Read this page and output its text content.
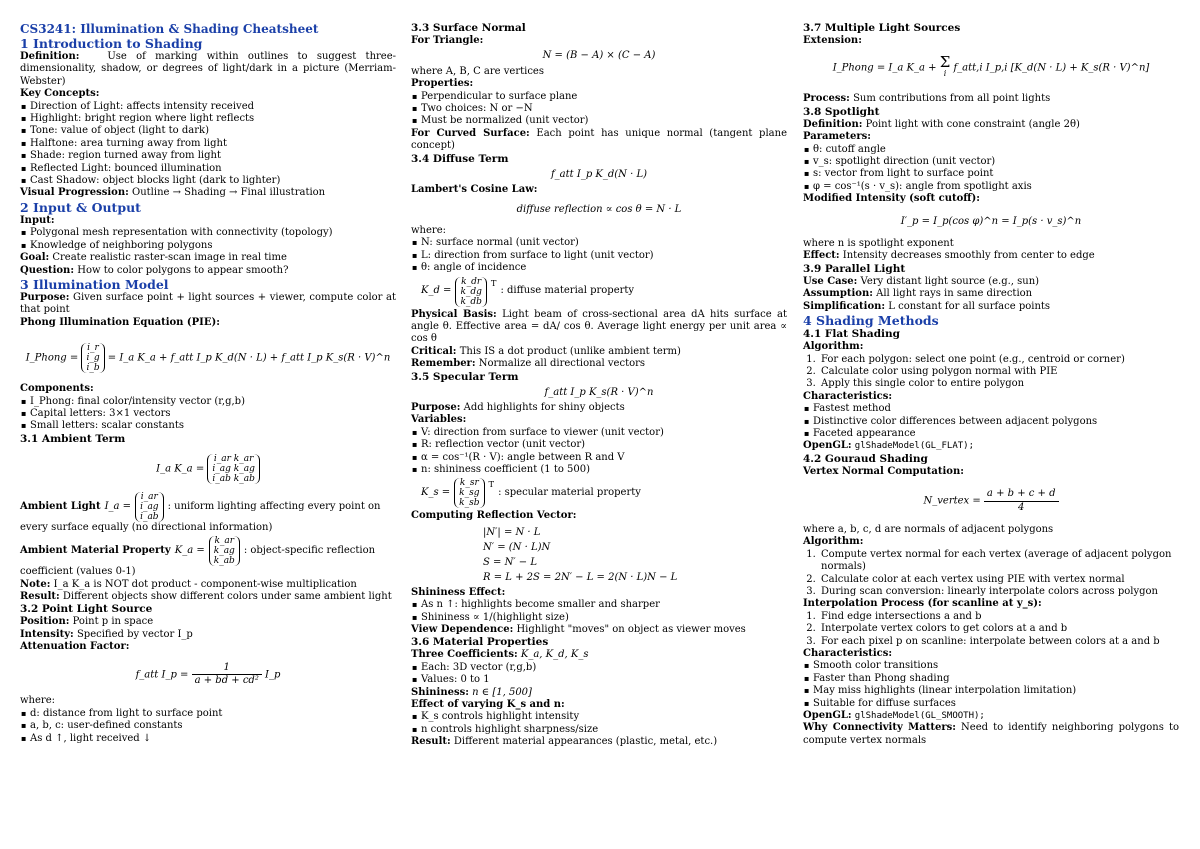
CS3241: Illumination & Shading Cheatsheet
1 Introduction to Shading

Definition:	Use of marking within outlines to suggest three-dimensionality, shadow, or degrees of light/dark in a picture (Merriam-Webster)

Key Concepts:
▪ Direction of Light: affects intensity received
▪ Highlight: bright region where light reflects
▪ Tone: value of object (light to dark)
▪ Halftone: area turning away from light
▪ Shade: region turned away from light
▪ Reflected Light: bounced illumination
▪ Cast Shadow: object blocks light (dark to lighter)

Visual Progression: Outline → Shading → Final illustration

2 Input & Output
Input:
▪ Polygonal mesh representation with connectivity (topology)
▪ Knowledge of neighboring polygons

Goal: Create realistic raster-scan image in real time

Question: How to color polygons to appear smooth?

3 Illumination Model

Purpose: Given surface point + light sources + viewer, compute color at that point

Phong Illumination Equation (PIE):
I_Phong =
i_r
i_g
i_b
= I_a K_a + f_att I_p K_d(N · L) + f_att I_p K_s(R · V)^n
Components:
▪ I_Phong: final color/intensity vector (r,g,b)
▪ Capital letters: 3×1 vectors
▪ Small letters: scalar constants
3.1 Ambient Term
I_a K_a =
i_ar k_ar
i_ag k_ag
i_ab k_ab
Ambient Light I_a =
i_ar
i_ag
i_ab
: uniform lighting affecting every point on

every surface equally (no directional information)

Ambient Material Property K_a =
k_ar
k_ag
k_ab
: object-specific reflection

coefficient (values 0-1)

Note: I_a K_a is NOT dot product - component-wise multiplication

Result: Different objects show different colors under same ambient light

3.2 Point Light Source

Position: Point p in space

Intensity: Specified by vector I_p

Attenuation Factor:
f_att I_p = $\frac{1}{\text{a + bd + cd²}}$ I_p
where:
▪ d: distance from light to surface point
▪ a, b, c: user-defined constants
▪ As d ↑, light received ↓
3.3 Surface Normal
For Triangle:
N = (B − A) × (C − A)

where A, B, C are vertices

Properties:
▪ Perpendicular to surface plane
▪ Two choices: N or −N
▪ Must be normalized (unit vector)

For Curved Surface: Each point has unique normal (tangent plane concept)

3.4 Diffuse Term
f_att I_p K_d(N · L)
Lambert's Cosine Law:
diffuse reflection ∝ cos θ = N · L
where:
▪ N: surface normal (unit vector)
▪ L: direction from surface to light (unit vector)
▪ θ: angle of incidence
K_d =
k_dr
k_dg
k_db
$^T$
: diffuse material property

Physical Basis: Light beam of cross-sectional area dA hits surface at angle θ. Effective area = dA/ cos θ. Average light energy per unit area ∝ cos θ

Critical: This IS a dot product (unlike ambient term)

Remember: Normalize all directional vectors

3.5 Specular Term
f_att I_p K_s(R · V)^n

Purpose: Add highlights for shiny objects

Variables:
▪ V: direction from surface to viewer (unit vector)
▪ R: reflection vector (unit vector)
▪ α = cos⁻¹(R · V): angle between R and V
▪ n: shininess coefficient (1 to 500)
K_s =
k_sr
k_sg
k_sb
$^T$
: specular material property
Computing Reflection Vector:
|N′| = N · L
N′ = (N · L)N
S = N′ − L
R = L + 2S = 2N′ − L = 2(N · L)N − L
Shininess Effect:
▪ As n ↑: highlights become smaller and sharper
▪ Shininess ∝ 1/(highlight size)

View Dependence: Highlight "moves" on object as viewer moves

3.6 Material Properties

Three Coefficients: K_a, K_d, K_s

▪ Each: 3D vector (r,g,b)
▪ Values: 0 to 1

Shininess: n ∈ [1, 500]

Effect of varying K_s and n:
▪ K_s controls highlight intensity
▪ n controls highlight sharpness/size

Result: Different material appearances (plastic, metal, etc.)

3.7 Multiple Light Sources
Extension:
I_Phong = I_a K_a + Σ
i f_att,i I_p,i [K_d(N · L) + K_s(R · V)^n]

Process: Sum contributions from all point lights

3.8 Spotlight

Definition: Point light with cone constraint (angle 2θ)

Parameters:
▪ θ: cutoff angle
▪ v_s: spotlight direction (unit vector)
▪ s: vector from light to surface point
▪ φ = cos⁻¹(s · v_s): angle from spotlight axis
Modified Intensity (soft cutoff):
I′_p = I_p(cos φ)^n = I_p(s · v_s)^n

where n is spotlight exponent

Effect: Intensity decreases smoothly from center to edge

3.9 Parallel Light

Use Case: Very distant light source (e.g., sun)

Assumption: All light rays in same direction

Simplification: L constant for all surface points

4 Shading Methods
4.1 Flat Shading
Algorithm:
1. For each polygon: select one point (e.g., centroid or corner)
2. Calculate color using polygon normal with PIE
3. Apply this single color to entire polygon
Characteristics:
▪ Fastest method
▪ Distinctive color differences between adjacent polygons
▪ Faceted appearance

OpenGL: glShadeModel(GL_FLAT);

4.2 Gouraud Shading
Vertex Normal Computation:
N_vertex = $\frac{a + b + c + d}{4}$

where a, b, c, d are normals of adjacent polygons

Algorithm:
1. Compute vertex normal for each vertex (average of adjacent polygon normals)
2. Calculate color at each vertex using PIE with vertex normal
3. During scan conversion: linearly interpolate colors across polygon
Interpolation Process (for scanline at y_s):
1. Find edge intersections a and b
2. Interpolate vertex colors to get colors at a and b
3. For each pixel p on scanline: interpolate between colors at a and b
Characteristics:
▪ Smooth color transitions
▪ Faster than Phong shading
▪ May miss highlights (linear interpolation limitation)
▪ Suitable for diffuse surfaces

OpenGL: glShadeModel(GL_SMOOTH);

Why Connectivity Matters: Need to identify neighboring polygons to compute vertex normals
